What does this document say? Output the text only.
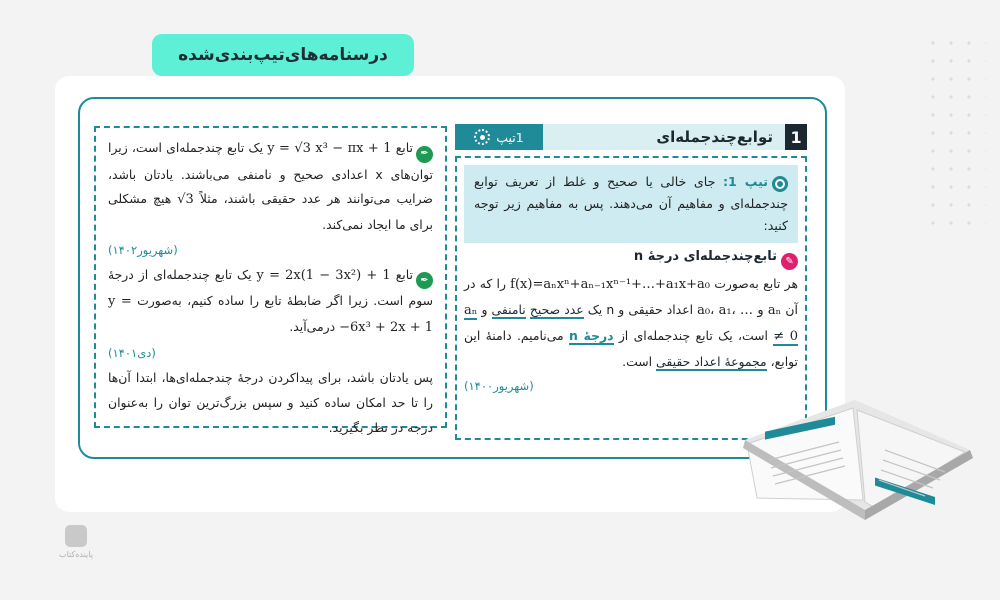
درسنامه‌های‌تیپ‌بندی‌شده
1
توابع‌چندجمله‌ای
1تیپ
تیپ 1: جای خالی یا صحیح و غلط از تعریف توابع چندجمله‌ای و مفاهیم آن می‌دهند. پس به مفاهیم زیر توجه کنید:
✎تابع‌چندجمله‌ای درجهٔ n
هر تابع به‌صورت f(x)=aₙxⁿ+aₙ₋₁xⁿ⁻¹+…+a₁x+a₀ را که در آن a₀، a₁، … و aₙ اعداد حقیقی و n یک عدد صحیح نامنفی و aₙ ≠ 0 است، یک تابع چندجمله‌ای از درجهٔ n می‌نامیم. دامنهٔ این توابع، مجموعهٔ اعداد حقیقی است.
(شهریور۱۴۰۰)
✒تابع y = √3 x³ − πx + 1 یک تابع چندجمله‌ای است، زیرا توان‌های x اعدادی صحیح و نامنفی می‌باشند. یادتان باشد، ضرایب می‌توانند هر عدد حقیقی باشند، مثلاً √3 هیچ مشکلی برای ما ایجاد نمی‌کند.
(شهریور۱۴۰۲)
✒تابع y = 2x(1 − 3x²) + 1 یک تابع چندجمله‌ای از درجهٔ سوم است. زیرا اگر ضابطهٔ تابع را ساده کنیم، به‌صورت y = −6x³ + 2x + 1 درمی‌آید.
(دی۱۴۰۱)
پس یادتان باشد، برای پیداکردن درجهٔ چندجمله‌ای‌ها، ابتدا آن‌ها را تا حد امکان ساده کنید و سپس بزرگ‌ترین توان را به‌عنوان درجه در نظر بگیرید.
پاینده‌کتاب
